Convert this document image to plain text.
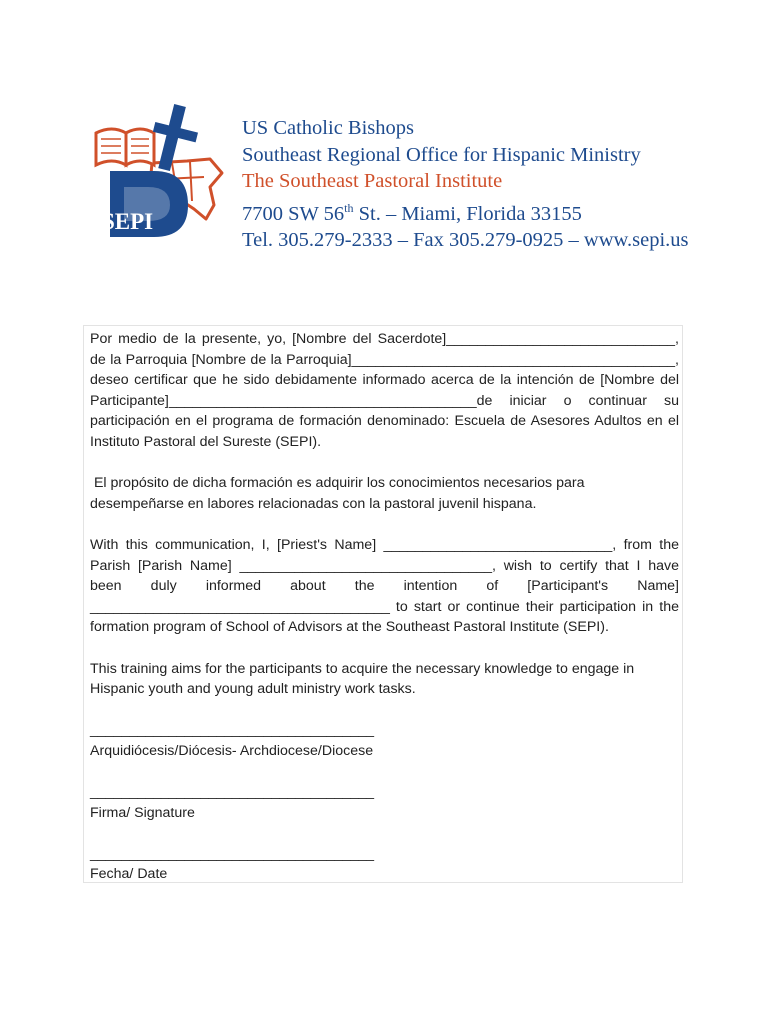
SEPI
US Catholic Bishops
Southeast Regional Office for Hispanic Ministry
The Southeast Pastoral Institute
7700 SW 56th St. – Miami, Florida 33155
Tel. 305.279-2333 – Fax 305.279-0925 – www.sepi.us

Por medio de la presente, yo, [Nombre del Sacerdote]_____________________________, de la Parroquia [Nombre de la Parroquia]_________________________________________, deseo certificar que he sido debidamente informado acerca de la intención de [Nombre del Participante]_______________________________________de iniciar o continuar su participación en el programa de formación denominado: Escuela de Asesores Adultos en el Instituto Pastoral del Sureste (SEPI).

El propósito de dicha formación es adquirir los conocimientos necesarios para desempeñarse en labores relacionadas con la pastoral juvenil hispana.

With this communication, I, [Priest's Name] _____________________________, from the Parish [Parish Name] ________________________________, wish to certify that I have been duly informed about the intention of [Participant's Name] ______________________________________ to start or continue their participation in the formation program of School of Advisors at the Southeast Pastoral Institute (SEPI).

This training aims for the participants to acquire the necessary knowledge to engage in Hispanic youth and young adult ministry work tasks.

____________________________________
Arquidiócesis/Diócesis- Archdiocese/Diocese
____________________________________
Firma/ Signature
____________________________________
Fecha/ Date
